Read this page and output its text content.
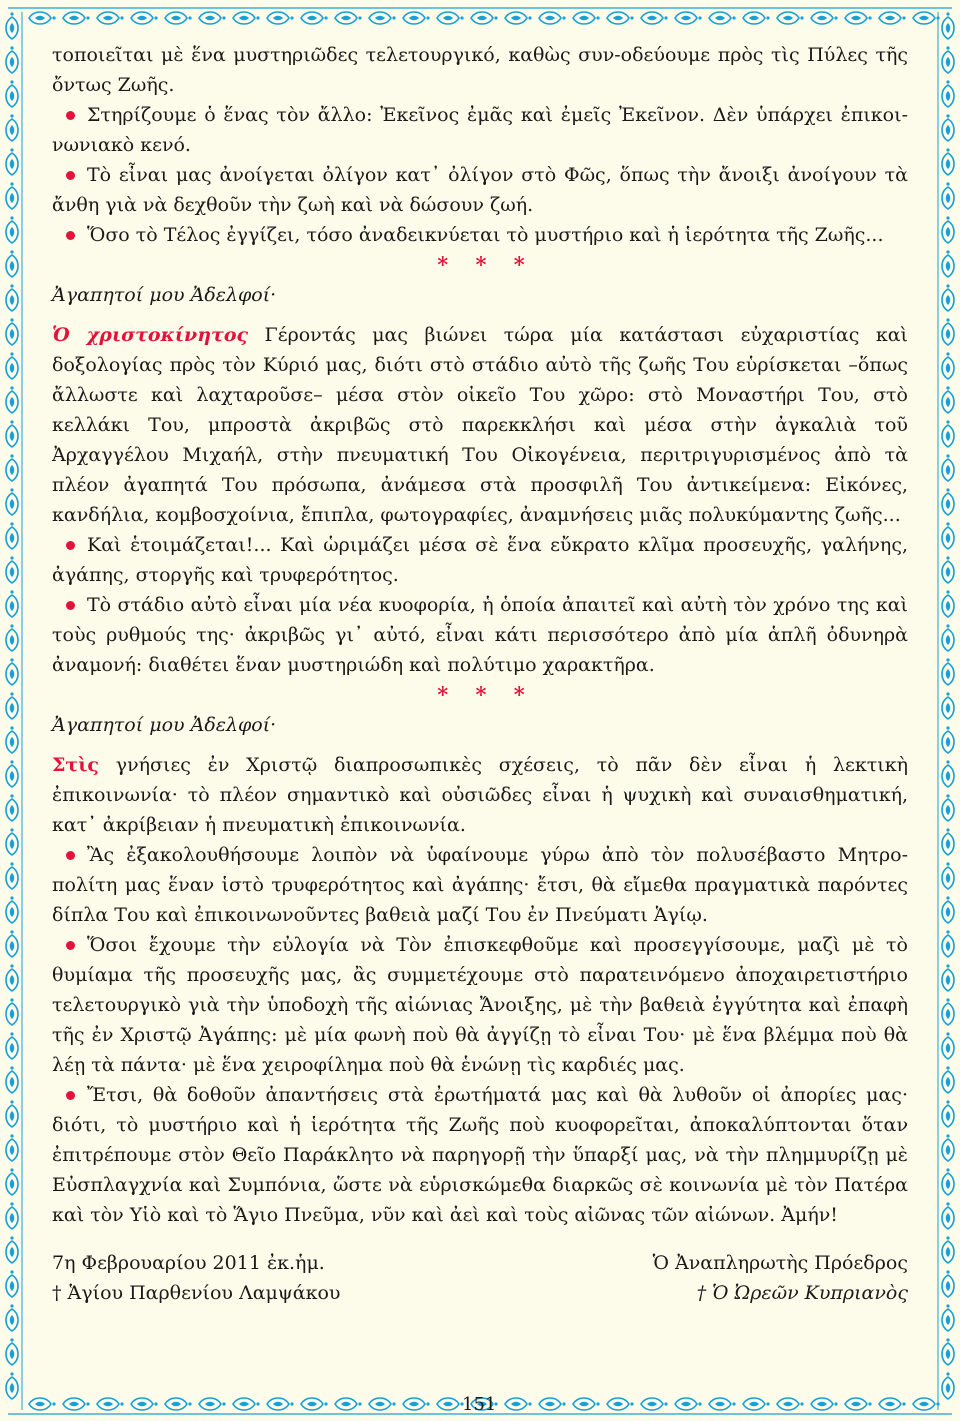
τοποιεῖται μὲ ἕνα μυστηριῶδες τελετουργικό, καθὼς συν-οδεύουμε πρὸς τὶς Πύλες τῆς ὄντως Ζωῆς.

Στηρίζουμε ὁ ἕνας τὸν ἄλλο: Ἐκεῖνος ἐμᾶς καὶ ἐμεῖς Ἐκεῖνον. Δὲν ὑπάρχει ἐπικοι-νωνιακὸ κενό.

Τὸ εἶναι μας ἀνοίγεται ὀλίγον κατ᾽ ὀλίγον στὸ Φῶς, ὅπως τὴν ἄνοιξι ἀνοίγουν τὰ ἄνθη γιὰ νὰ δεχθοῦν τὴν ζωὴ καὶ νὰ δώσουν ζωή.

Ὅσο τὸ Τέλος ἐγγίζει, τόσο ἀναδεικνύεται τὸ μυστήριο καὶ ἡ ἱερότητα τῆς Ζωῆς...

* * *

Ἀγαπητοί μου Ἀδελφοί·

Ὁ χριστοκίνητος Γέροντάς μας βιώνει τώρα μία κατάστασι εὐχαριστίας καὶ δοξολογίας πρὸς τὸν Κύριό μας, διότι στὸ στάδιο αὐτὸ τῆς ζωῆς Του εὑρίσκεται –ὅπως ἄλλωστε καὶ λαχταροῦσε– μέσα στὸν οἰκεῖο Του χῶρο: στὸ Μοναστήρι Του, στὸ κελλάκι Του, μπροστὰ ἀκριβῶς στὸ παρεκκλήσι καὶ μέσα στὴν ἀγκαλιὰ τοῦ Ἀρχαγγέλου Μιχαήλ, στὴν πνευματική Του Οἰκογένεια, περιτριγυρισμένος ἀπὸ τὰ πλέον ἀγαπητά Του πρόσωπα, ἀνάμεσα στὰ προσφιλῆ Του ἀντικείμενα: Εἰκόνες, κανδήλια, κομβοσχοίνια, ἔπιπλα, φωτογραφίες, ἀναμνήσεις μιᾶς πολυκύμαντης ζωῆς...

Καὶ ἑτοιμάζεται!... Καὶ ὡριμάζει μέσα σὲ ἕνα εὔκρατο κλῖμα προσευχῆς, γαλήνης, ἀγάπης, στοργῆς καὶ τρυφερότητος.

Τὸ στάδιο αὐτὸ εἶναι μία νέα κυοφορία, ἡ ὁποία ἀπαιτεῖ καὶ αὐτὴ τὸν χρόνο της καὶ τοὺς ρυθμούς της· ἀκριβῶς γι᾽ αὐτό, εἶναι κάτι περισσότερο ἀπὸ μία ἁπλῆ ὀδυνηρὰ ἀναμονή: διαθέτει ἕναν μυστηριώδη καὶ πολύτιμο χαρακτῆρα.

* * *

Ἀγαπητοί μου Ἀδελφοί·

Στὶς γνήσιες ἐν Χριστῷ διαπροσωπικὲς σχέσεις, τὸ πᾶν δὲν εἶναι ἡ λεκτικὴ ἐπικοινωνία· τὸ πλέον σημαντικὸ καὶ οὐσιῶδες εἶναι ἡ ψυχικὴ καὶ συναισθηματική, κατ᾽ ἀκρίβειαν ἡ πνευματικὴ ἐπικοινωνία.

Ἂς ἐξακολουθήσουμε λοιπὸν νὰ ὑφαίνουμε γύρω ἀπὸ τὸν πολυσέβαστο Μητρο-πολίτη μας ἕναν ἱστὸ τρυφερότητος καὶ ἀγάπης· ἔτσι, θὰ εἴμεθα πραγματικὰ παρόντες δίπλα Του καὶ ἐπικοινωνοῦντες βαθειὰ μαζί Του ἐν Πνεύματι Ἁγίῳ.

Ὅσοι ἔχουμε τὴν εὐλογία νὰ Τὸν ἐπισκεφθοῦμε καὶ προσεγγίσουμε, μαζὶ μὲ τὸ θυμίαμα τῆς προσευχῆς μας, ἂς συμμετέχουμε στὸ παρατεινόμενο ἀποχαιρετιστήριο τελετουργικὸ γιὰ τὴν ὑποδοχὴ τῆς αἰώνιας Ἄνοιξης, μὲ τὴν βαθειὰ ἐγγύτητα καὶ ἐπαφὴ τῆς ἐν Χριστῷ Ἀγάπης: μὲ μία φωνὴ ποὺ θὰ ἀγγίζῃ τὸ εἶναι Του· μὲ ἕνα βλέμμα ποὺ θὰ λέῃ τὰ πάντα· μὲ ἕνα χειροφίλημα ποὺ θὰ ἑνώνῃ τὶς καρδιές μας.

Ἔτσι, θὰ δοθοῦν ἀπαντήσεις στὰ ἐρωτήματά μας καὶ θὰ λυθοῦν οἱ ἀπορίες μας· διότι, τὸ μυστήριο καὶ ἡ ἱερότητα τῆς Ζωῆς ποὺ κυοφορεῖται, ἀποκαλύπτονται ὅταν ἐπιτρέπουμε στὸν Θεῖο Παράκλητο νὰ παρηγορῇ τὴν ὕπαρξί μας, νὰ τὴν πλημμυρίζῃ μὲ Εὐσπλαγχνία καὶ Συμπόνια, ὥστε νὰ εὑρισκώμεθα διαρκῶς σὲ κοινωνία μὲ τὸν Πατέρα καὶ τὸν Υἱὸ καὶ τὸ Ἅγιο Πνεῦμα, νῦν καὶ ἀεὶ καὶ τοὺς αἰῶνας τῶν αἰώνων. Ἀμήν!

7η Φεβρουαρίου 2011 ἐκ.ἡμ.
† Ἁγίου Παρθενίου Λαμψάκου
Ὁ Ἀναπληρωτὴς Πρόεδρος
† Ὁ Ὠρεῶν Κυπριανὸς
151
